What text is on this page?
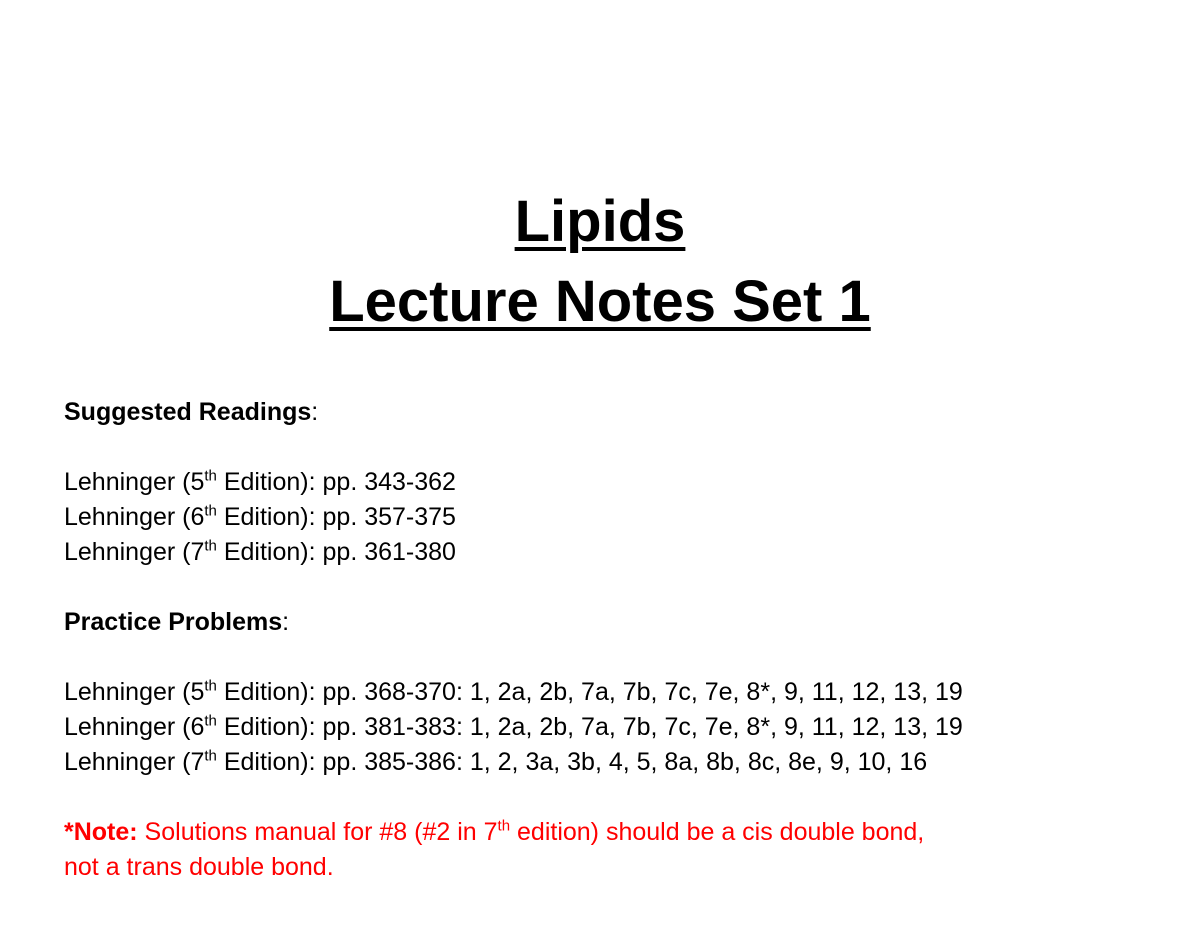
Lipids
Lecture Notes Set 1
Suggested Readings:
Lehninger (5th Edition): pp. 343-362
Lehninger (6th Edition): pp. 357-375
Lehninger (7th Edition): pp. 361-380
Practice Problems:
Lehninger (5th Edition): pp. 368-370: 1, 2a, 2b, 7a, 7b, 7c, 7e, 8*, 9, 11, 12, 13, 19
Lehninger (6th Edition): pp. 381-383: 1, 2a, 2b, 7a, 7b, 7c, 7e, 8*, 9, 11, 12, 13, 19
Lehninger (7th Edition): pp. 385-386: 1, 2, 3a, 3b, 4, 5, 8a, 8b, 8c, 8e, 9, 10, 16
*Note: Solutions manual for #8 (#2 in 7th edition) should be a cis double bond,
not a trans double bond.
